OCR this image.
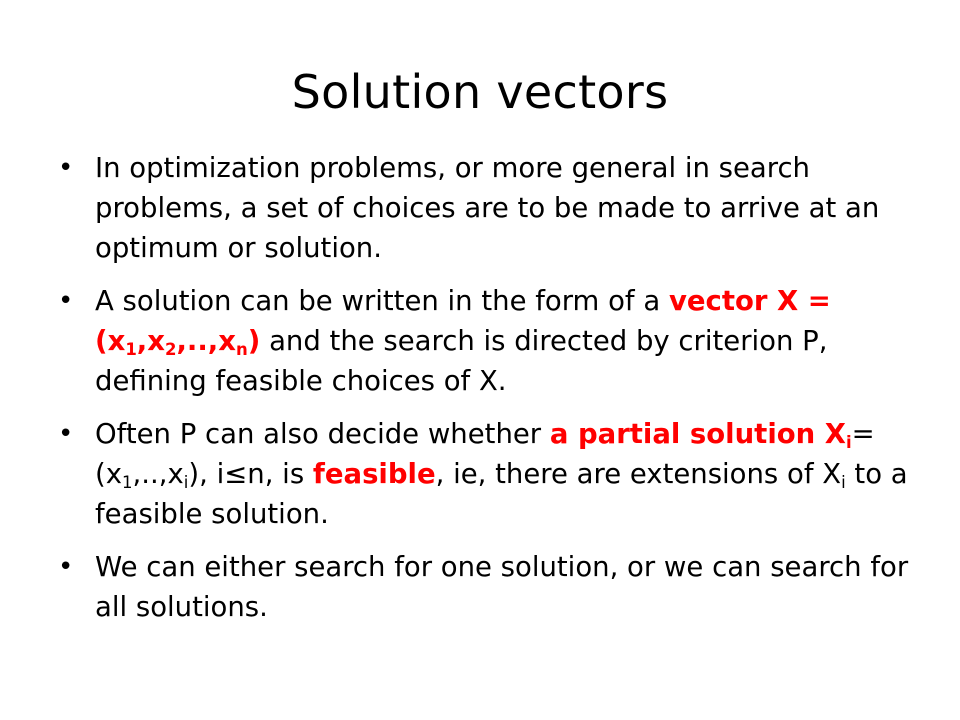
Solution vectors
• In optimization problems, or more general in search problems, a set of choices are to be made to arrive at an optimum or solution.
• A solution can be written in the form of a vector $X = (x_1,x_2,..,x_n)$ and the search is directed by criterion P, defining feasible choices of X.
• Often P can also decide whether a partial solution $X_i=(x_1,..,x_i)$, i≤n, is feasible, ie, there are extensions of $X_i$ to a feasible solution.
• We can either search for one solution, or we can search for all solutions.
